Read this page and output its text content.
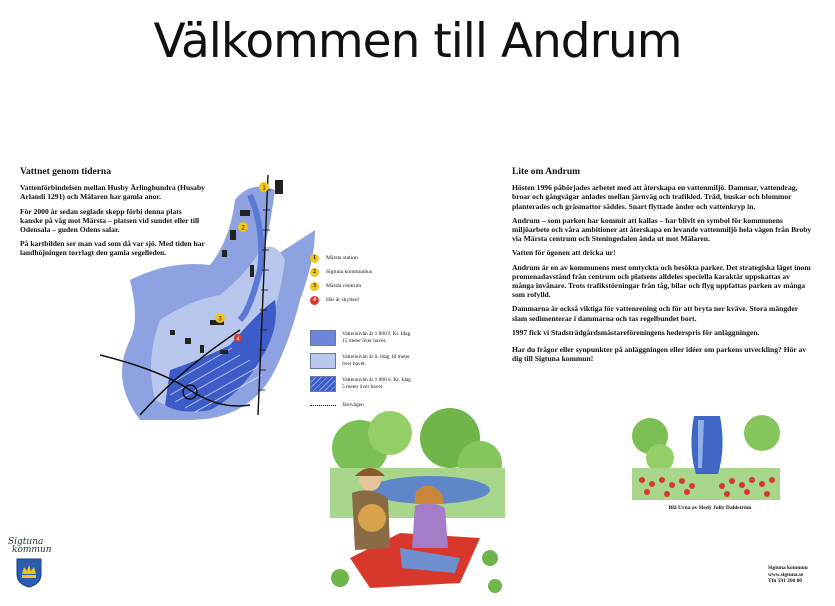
Välkommen till Andrum
Vattnet genom tiderna

Vattenförbindelsen mellan Husby Ärlinghundra (Husaby Arlandi 1291) och Mälaren har gamla anor.

För 2000 år sedan seglade skepp förbi denna plats kanske på väg mot Märsta – platsen vid sundet eller till Odensala – guden Odens salar.

På kartbilden ser man vad som då var sjö. Med tiden har landhöjningen torrlagt den gamla segelleden.

1
2
3
4
1	Märsta station
2	Sigtuna kommunhus
3	Märsta centrum
4	Här är skylten!
Vattennivån år 1 000 f. Kr. Idag 15 meter över havet.
Vattennivån år 0. Idag 10 meter över havet.
Vattennivån år 1 000 e. Kr. Idag 5 meter över havet.
Järnvägen
Lite om Andrum

Hösten 1996 påbörjades arbetet med att återskapa en vattenmiljö. Dammar, vattendrag, broar och gångvägar anlades mellan järnväg och trafikled. Träd, buskar och blommor planterades och gräsmattor såddes. Snart flyttade änder och vattenkryp in.

Andrum – som parken har kommit att kallas – har blivit en symbol för kommunens miljöarbete och våra ambitioner att återskapa en levande vattenmiljö hela vägen från Broby via Märsta centrum och Steningedalen ända ut mot Mälaren.

Vatten för ögonen att dricka ur!

Andrum är en av kommunens mest omtyckta och besökta parker. Det strategiska läget inom promenadavstånd från centrum och platsens alldeles speciella karaktär uppskattas av många invånare. Trots trafikstörningar från tåg, bilar och flyg uppfattas parken av många som rofylld.

Dammarna är också viktiga för vattenrening och för att bryta ner kväve. Stora mängder slam sedimenterar i dammarna och tas regelbundet bort.

1997 fick vi Stadsträdgårdsmästareföreningens hederspris för anläggningen.

Har du frågor eller synpunkter på anläggningen eller idéer om parkens utveckling? Hör av dig till Sigtuna kommun!

Blå Urna av Hedy Jolly Dahlström
Sigtuna kommun
www.sigtuna.se
Tfn 591 260 00
Sigtuna
kommun
